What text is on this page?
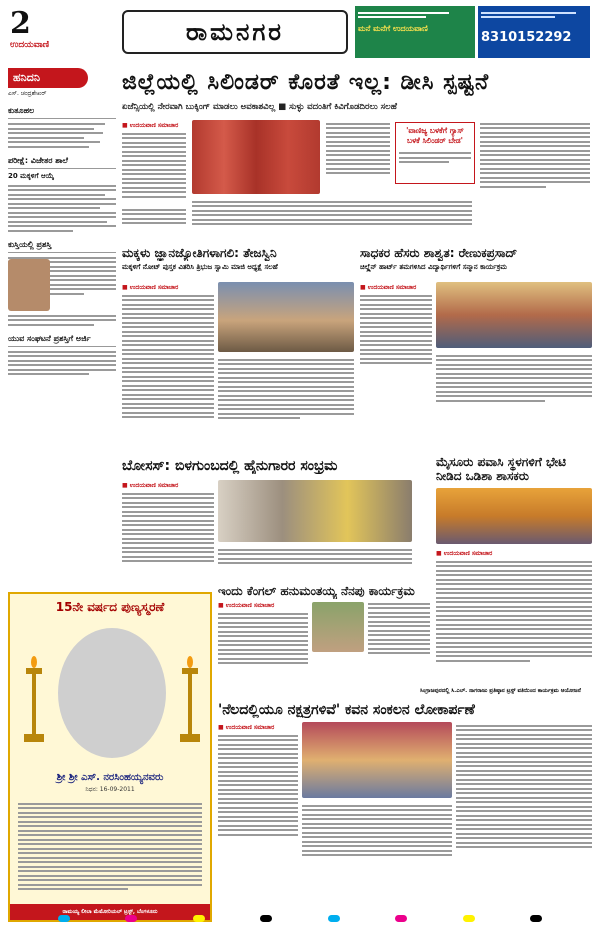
2
ಉದಯವಾಣಿ	ರಾಮನಗರ	ಮನೆ ಮನೆಗೆ ಉದಯವಾಣಿ
8310152292
ಹನಿದನಿ
ಎಸ್. ಚಂದ್ರಶೇಖರ್
ಕುತೂಹಲ
ಪರೀಕ್ಷೆ: ವಿಜೇತರ ಶಾಲೆ
20 ಮಕ್ಕಳಿಗೆ ಆಯ್ಕೆ
ಕುಸ್ತಿಯಲ್ಲಿ ಪ್ರಶಸ್ತಿ
ಯುವ ಸಂಘಟನೆ ಪ್ರಶಸ್ತಿಗೆ ಅರ್ಜಿ
ಜಿಲ್ಲೆಯಲ್ಲಿ ಸಿಲಿಂಡರ್ ಕೊರತೆ ಇಲ್ಲ: ಡೀಸಿ ಸ್ಪಷ್ಟನೆ
ಏಜೆನ್ಸಿಯಲ್ಲಿ ನೇರವಾಗಿ ಬುಕ್ಕಿಂಗ್ ಮಾಡಲು ಅವಕಾಶವಿಲ್ಲ ■ ಸುಳ್ಳು ವದಂತಿಗೆ ಕಿವಿಗೊಡದಿರಲು ಸಲಹೆ
■ ಉದಯವಾಣಿ ಸಮಾಚಾರ
'ವಾಣಿಜ್ಯ ಬಳಕೆಗೆ ಗ್ಯಾಸ್ ಬಳಕೆ ಸಿಲಿಂಡರ್ ಬೇಡ'
ಮಕ್ಕಳು ಜ್ಞಾನಜ್ಯೋತಿಗಳಾಗಲಿ: ತೇಜಸ್ವಿನಿ
ಮಕ್ಕಳಿಗೆ ನೋಟ್ ಪುಸ್ತಕ ವಿತರಿಸಿ ತ್ರಿಭುಜ ಸ್ವಾಮಿ ಮಾಜಿ ಅಧ್ಯಕ್ಷೆ ಸಲಹೆ
■ ಉದಯವಾಣಿ ಸಮಾಚಾರ
ಸಾಧಕರ ಹೆಸರು ಶಾಶ್ವತ: ರೇಣುಕಪ್ರಸಾದ್
ಚಿಲ್ಡ್ರೆನ್ ಹಾರ್ಟ್ ತಮಗಳಿಸಿದ ವಿದ್ಯಾರ್ಥಿಗಳಿಗೆ ಸನ್ಮಾನ ಕಾರ್ಯಕ್ರಮ
■ ಉದಯವಾಣಿ ಸಮಾಚಾರ
ಬೋಸಸ್: ಬಿಳಗುಂಬದಲ್ಲಿ ಹೈನುಗಾರರ ಸಂಭ್ರಮ
■ ಉದಯವಾಣಿ ಸಮಾಚಾರ
ಮೈಸೂರು ಪವಾಸಿ ಸ್ಥಳಗಳಿಗೆ ಭೇಟಿ ನೀಡಿದ ಒಡಿಶಾ ಶಾಸಕರು
■ ಉದಯವಾಣಿ ಸಮಾಚಾರ
ಇಂದು ಕೆಂಗಲ್ ಹನುಮಂತಯ್ಯ ನೆನಪು ಕಾರ್ಯಕ್ರಮ
■ ಉದಯವಾಣಿ ಸಮಾಚಾರ
ಸಿಂಗ್ರಾಜಪುರದಲ್ಲಿ ಸಿ.ಎಲ್. ನಾಗರಾಜು ಪ್ರತಿಷ್ಠಾನ ಟ್ರಸ್ಟ್ ವತಿಯಿಂದ ಕಾರ್ಯಕ್ರಮ ಆಯೋಜನೆ
'ನೆಲದಲ್ಲಿಯೂ ನಕ್ಷತ್ರಗಳಿವೆ' ಕವನ ಸಂಕಲನ ಲೋಕಾರ್ಪಣೆ
■ ಉದಯವಾಣಿ ಸಮಾಚಾರ
15ನೇ ವರ್ಷದ ಪುಣ್ಯಸ್ಮರಣೆ
ಶ್ರೀ ಶ್ರೀ ಎಸ್. ನರಸಿಂಹಯ್ಯನವರು
ನಿಧನ: 16-09-2011
ರಾಮಯ್ಯ ಲೀಲಾ ಮೆಮೋರಿಯಲ್ ಟ್ರಸ್ಟ್, ಬೆಂಗಳೂರು
